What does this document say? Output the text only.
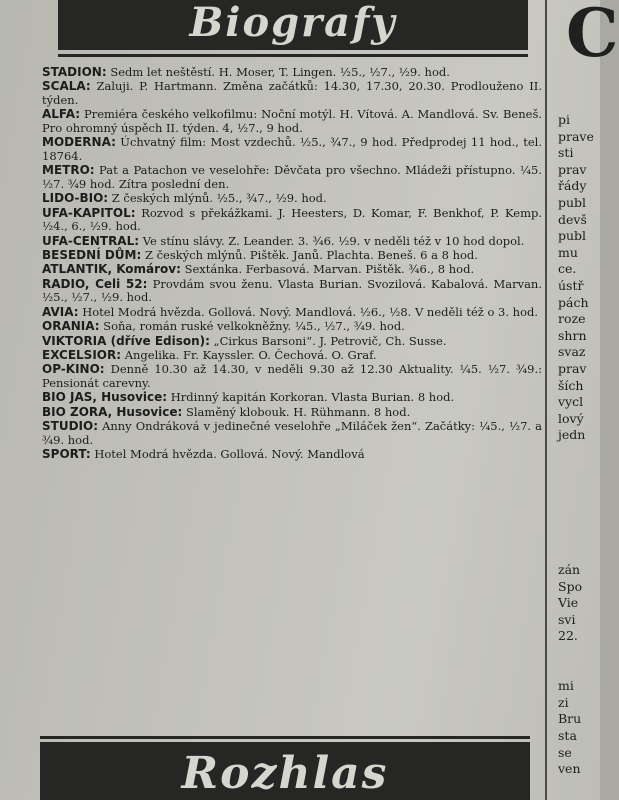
Biografy
STADION: Sedm let neštěstí. H. Moser, T. Lingen. ½5., ½7., ½9. hod.
SCALA: Zaluji. P. Hartmann. Změna začátků: 14.30, 17.30, 20.30. Prodlouženo II. týden.
ALFA: Premiéra českého velkofilmu: Noční motýl. H. Vítová. A. Mandlová. Sv. Beneš. Pro ohromný úspěch II. týden. 4, ½7., 9 hod.
MODERNA: Úchvatný film: Most vzdechů. ½5., ¾7., 9 hod. Předprodej 11 hod., tel. 18764.
METRO: Pat a Patachon ve veselohře: Děvčata pro všechno. Mládeži přístupno. ¼5. ½7. ¾9 hod. Zítra poslední den.
LIDO-BIO: Z českých mlýnů. ½5., ¾7., ½9. hod.
UFA-KAPITOL: Rozvod s překážkami. J. Heesters, D. Komar, F. Benkhof, P. Kemp. ½4., 6., ½9. hod.
UFA-CENTRAL: Ve stínu slávy. Z. Leander. 3. ¾6. ½9. v neděli též v 10 hod dopol.
BESEDNÍ DŮM: Z českých mlýnů. Pištěk. Janů. Plachta. Beneš. 6 a 8 hod.
ATLANTIK, Komárov: Sextánka. Ferbasová. Marvan. Pištěk. ¾6., 8 hod.
RADIO, Celi 52: Provdám svou ženu. Vlasta Burian. Svozilová. Kabalová. Marvan. ½5., ½7., ½9. hod.
AVIA: Hotel Modrá hvězda. Gollová. Nový. Mandlová. ½6., ½8. V neděli též o 3. hod.
ORANIA: Soňa, román ruské velkokněžny. ¼5., ½7., ¾9. hod.
VIKTORIA (dříve Edison): „Cirkus Barsoni“. J. Petrovič, Ch. Susse.
EXCELSIOR: Angelika. Fr. Kayssler. O. Čechová. O. Graf.
OP-KINO: Denně 10.30 až 14.30, v neděli 9.30 až 12.30 Aktuality. ¼5. ½7. ¾9.: Pensionát carevny.
BIO JAS, Husovice: Hrdinný kapitán Korkoran. Vlasta Burian. 8 hod.
BIO ZORA, Husovice: Slaměný klobouk. H. Rühmann. 8 hod.
STUDIO: Anny Ondráková v jedinečné veselohře „Miláček žen“. Začátky: ¼5., ½7. a ¾9. hod.
SPORT: Hotel Modrá hvězda. Gollová. Nový. Mandlová
Rozhlas
C
pi
prave
sti
prav
řády
publ
devš
publ
mu
ce.
ústř
pách
roze
shrn
svaz
prav
ších
vycl
lový
jedn
zán
Spo
Vie
svi
22.

mi
zi
Bru
sta
se
ven
